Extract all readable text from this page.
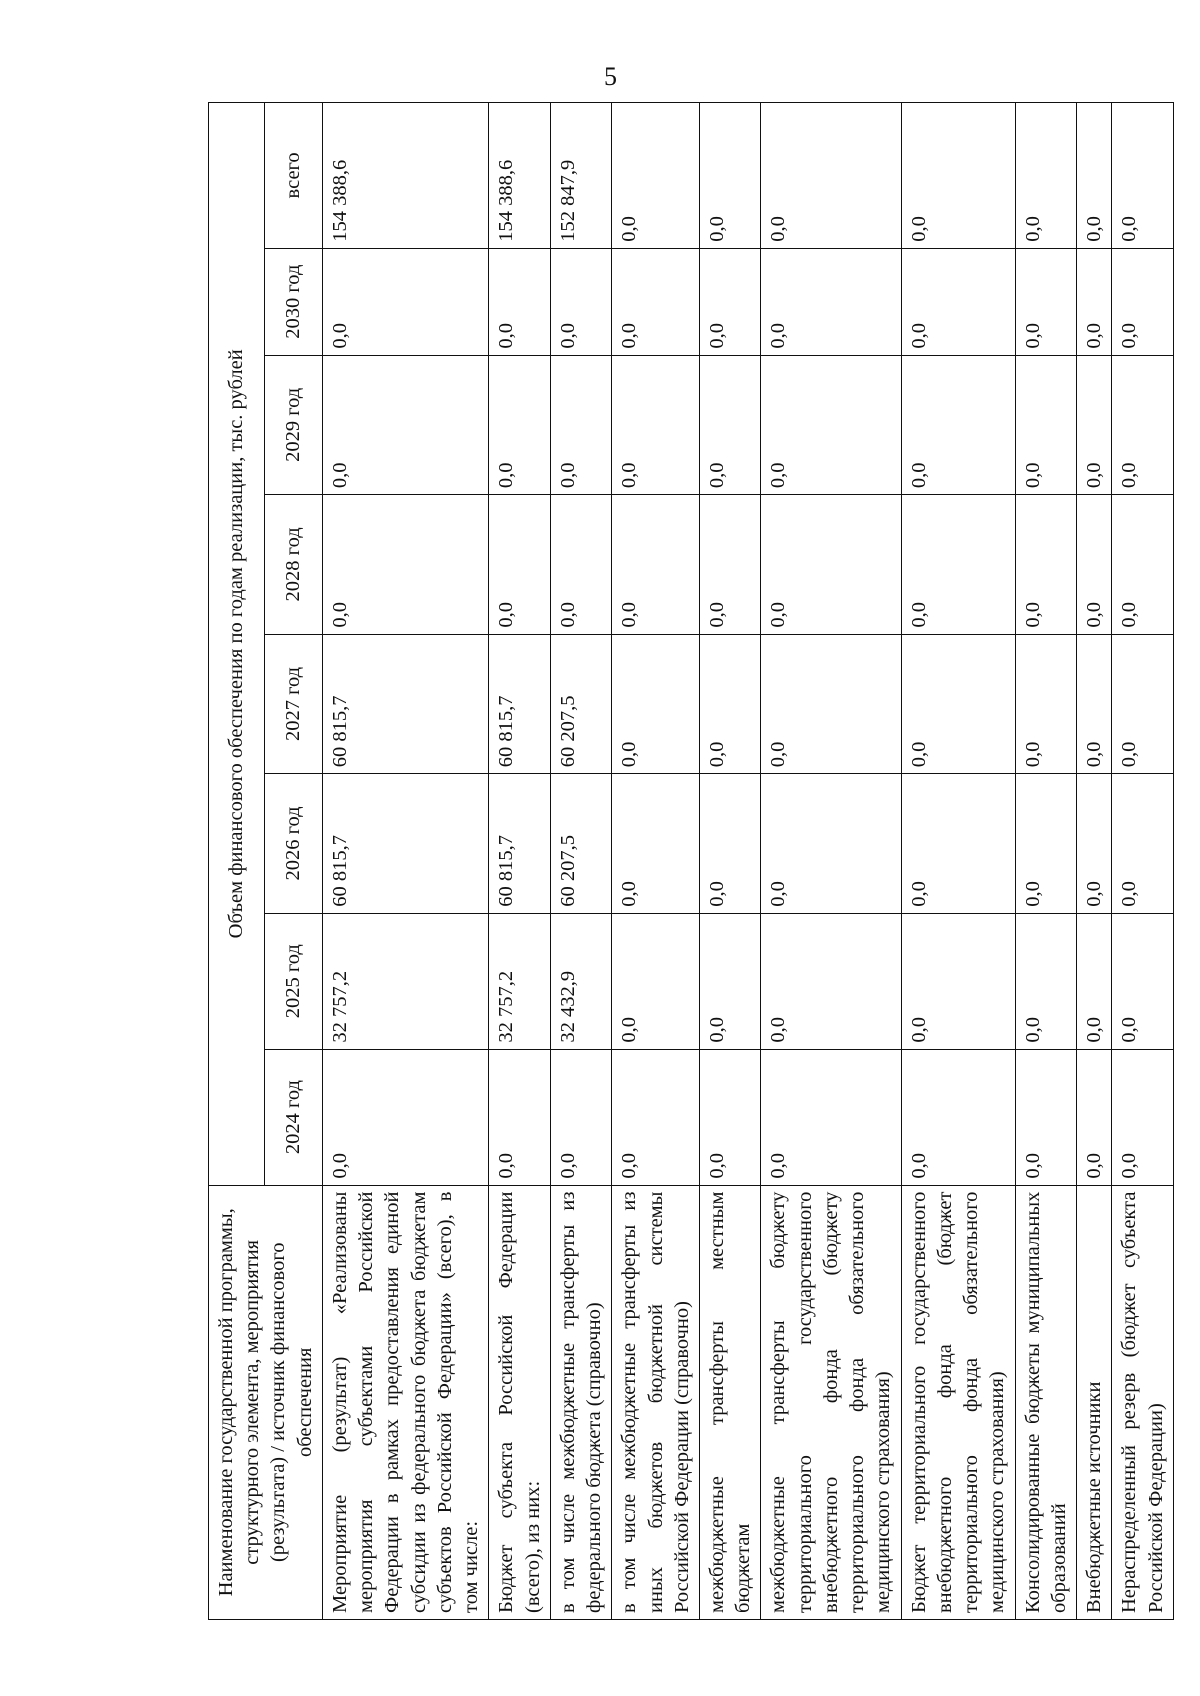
5
Наименование государственной программы, структурного элемента, мероприятия (результата) / источник финансового обеспечения	Объем финансового обеспечения по годам реализации, тыс. рублей							
	2024 год	2025 год	2026 год	2027 год	2028 год	2029 год	2030 год	всего
Мероприятие (результат) «Реализованы мероприятия субъектами Российской Федерации в рамках предоставления единой субсидии из федерального бюджета бюджетам субъектов Российской Федерации» (всего), в том числе:	0,0	32 757,2	60 815,7	60 815,7	0,0	0,0	0,0	154 388,6
Бюджет субъекта Российской Федерации (всего), из них:	0,0	32 757,2	60 815,7	60 815,7	0,0	0,0	0,0	154 388,6
в том числе межбюджетные трансферты из федерального бюджета (справочно)	0,0	32 432,9	60 207,5	60 207,5	0,0	0,0	0,0	152 847,9
в том числе межбюджетные трансферты из иных бюджетов бюджетной системы Российской Федерации (справочно)	0,0	0,0	0,0	0,0	0,0	0,0	0,0	0,0
межбюджетные трансферты местным бюджетам	0,0	0,0	0,0	0,0	0,0	0,0	0,0	0,0
межбюджетные трансферты бюджету территориального государственного внебюджетного фонда (бюджету территориального фонда обязательного медицинского страхования)	0,0	0,0	0,0	0,0	0,0	0,0	0,0	0,0
Бюджет территориального государственного внебюджетного фонда (бюджет территориального фонда обязательного медицинского страхования)	0,0	0,0	0,0	0,0	0,0	0,0	0,0	0,0
Консолидированные бюджеты муниципальных образований	0,0	0,0	0,0	0,0	0,0	0,0	0,0	0,0
Внебюджетные источники	0,0	0,0	0,0	0,0	0,0	0,0	0,0	0,0
Нераспределенный резерв (бюджет субъекта Российской Федерации)	0,0	0,0	0,0	0,0	0,0	0,0	0,0	0,0
